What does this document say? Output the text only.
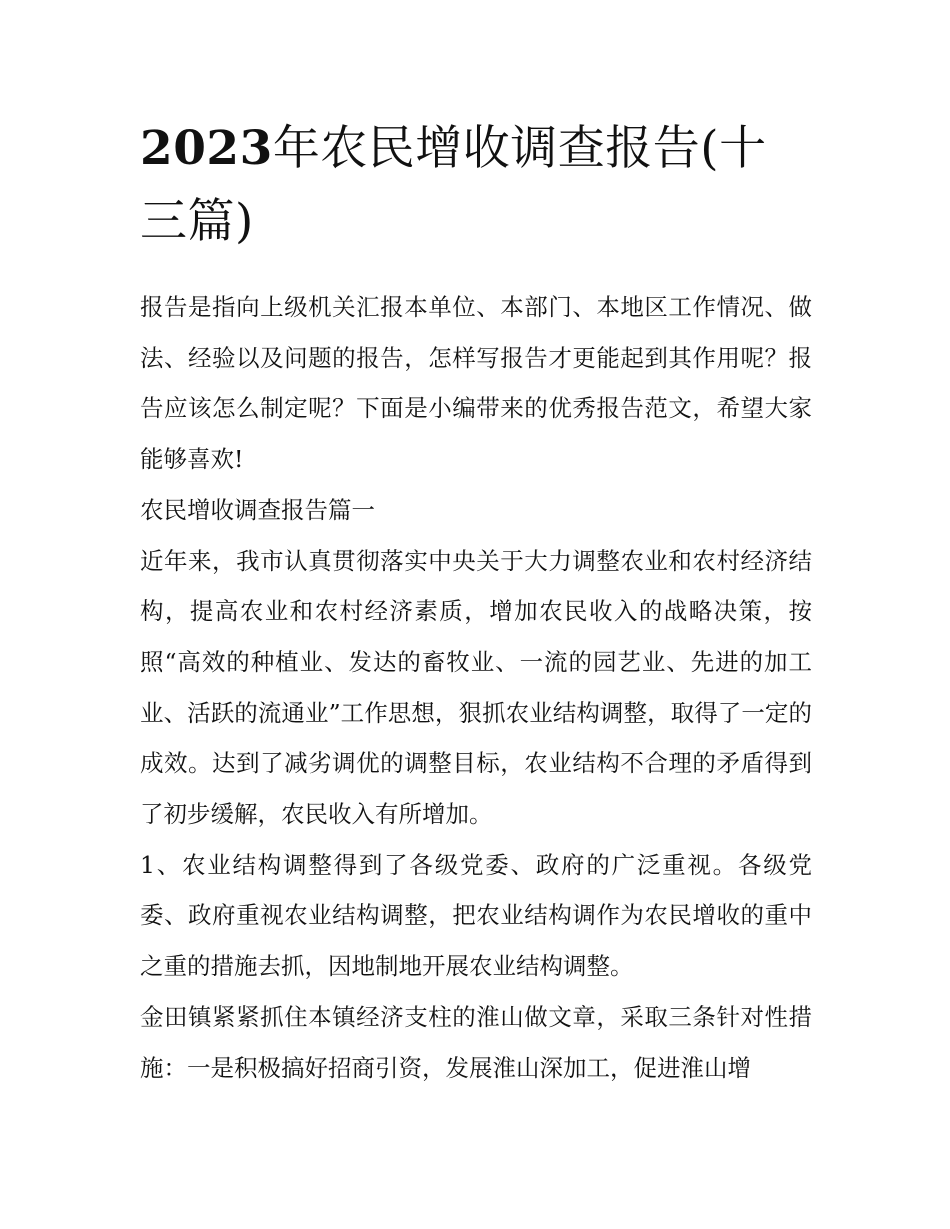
2023年农民增收调查报告(十三篇)

报告是指向上级机关汇报本单位、本部门、本地区工作情况、做法、经验以及问题的报告，怎样写报告才更能起到其作用呢？报告应该怎么制定呢？下面是小编带来的优秀报告范文，希望大家能够喜欢!

农民增收调查报告篇一

近年来，我市认真贯彻落实中央关于大力调整农业和农村经济结构，提高农业和农村经济素质，增加农民收入的战略决策，按照“高效的种植业、发达的畜牧业、一流的园艺业、先进的加工业、活跃的流通业”工作思想，狠抓农业结构调整，取得了一定的成效。达到了减劣调优的调整目标，农业结构不合理的矛盾得到了初步缓解，农民收入有所增加。

1、农业结构调整得到了各级党委、政府的广泛重视。各级党委、政府重视农业结构调整，把农业结构调作为农民增收的重中之重的措施去抓，因地制地开展农业结构调整。

金田镇紧紧抓住本镇经济支柱的淮山做文章，采取三条针对性措施：一是积极搞好招商引资，发展淮山深加工，促进淮山增
